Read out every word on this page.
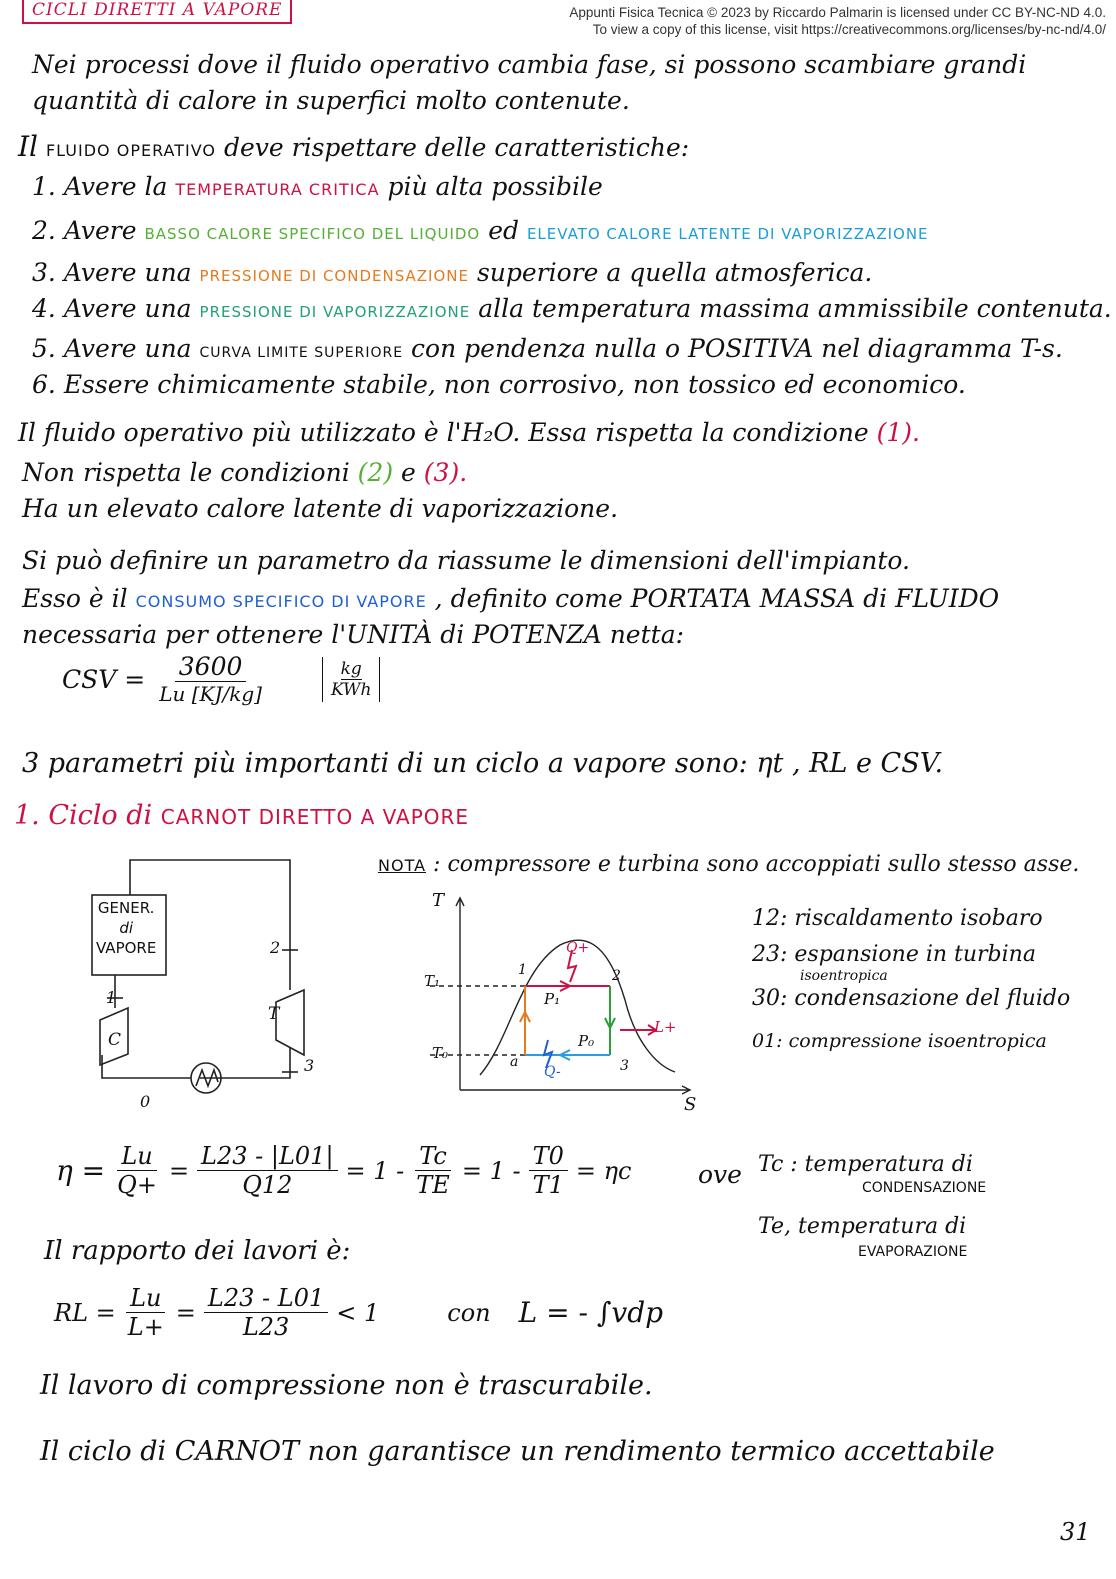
CICLI DIRETTI A VAPORE	Appunti Fisica Tecnica © 2023 by Riccardo Palmarin is licensed under CC BY-NC-ND 4.0.
To view a copy of this license, visit https://creativecommons.org/licenses/by-nc-nd/4.0/
Nei processi dove il fluido operativo cambia fase, si possono scambiare grandi
quantità di calore in superfici molto contenute.
Il FLUIDO OPERATIVO deve rispettare delle caratteristiche:
1. Avere la TEMPERATURA CRITICA più alta possibile
2. Avere BASSO CALORE SPECIFICO DEL LIQUIDO ed ELEVATO CALORE LATENTE DI VAPORIZZAZIONE
3. Avere una PRESSIONE DI CONDENSAZIONE superiore a quella atmosferica.
4. Avere una PRESSIONE DI VAPORIZZAZIONE alla temperatura massima ammissibile contenuta.
5. Avere una CURVA LIMITE SUPERIORE con pendenza nulla o POSITIVA nel diagramma T-s.
6. Essere chimicamente stabile, non corrosivo, non tossico ed economico.
Il fluido operativo più utilizzato è l'H₂O. Essa rispetta la condizione (1).
Non rispetta le condizioni (2) e (3).
Ha un elevato calore latente di vaporizzazione.
Si può definire un parametro da riassume le dimensioni dell'impianto.
Esso è il CONSUMO SPECIFICO DI VAPORE , definito come PORTATA MASSA di FLUIDO
necessaria per ottenere l'UNITÀ di POTENZA netta:
CSV = $\frac{3600}{Lu [KJ/kg]}$	kg
KWh
3 parametri più importanti di un ciclo a vapore sono: ηt , RL e CSV.
1. Ciclo di CARNOT DIRETTO A VAPORE
NOTA : compressore e turbina sono accoppiati sullo stesso asse.
GENER.
di
VAPORE
C
T
0
1
2
3
T
S
T₁
T₀
P₁
P₀
Q+
Q-
L+
a
1	2
3
12: riscaldamento isobaro
23: espansione in turbina
isoentropica
30: condensazione del fluido
01: compressione isoentropica
$\eta = \frac{Lu}{Q+} = \frac{L23 - |L01|}{Q12} = 1 - \frac{Tc}{TE} = 1 - \frac{T0}{T1} = \eta c$	ove Tc : temperatura di
CONDENSAZIONE
Te, temperatura di
EVAPORAZIONE
Il rapporto dei lavori è:
RL = $\frac{Lu}{L+} = \frac{L23 - L01}{L23} < 1$	con L = - ∫vdp
Il lavoro di compressione non è trascurabile.
Il ciclo di CARNOT non garantisce un rendimento termico accettabile
31
